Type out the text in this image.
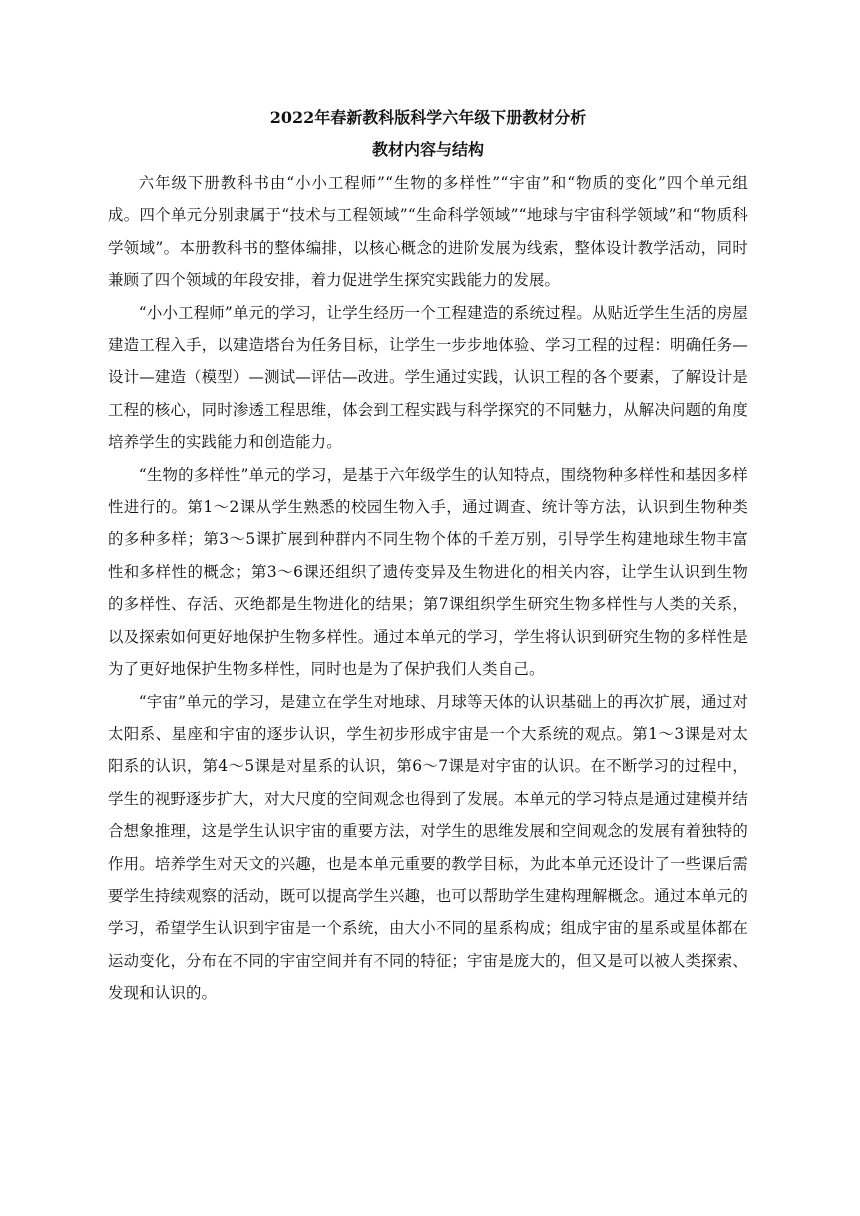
2022年春新教科版科学六年级下册教材分析
教材内容与结构

六年级下册教科书由“小小工程师”“生物的多样性”“宇宙”和“物质的变化”四个单元组成。四个单元分别隶属于“技术与工程领域”“生命科学领域”“地球与宇宙科学领域”和“物质科学领域”。本册教科书的整体编排，以核心概念的进阶发展为线索，整体设计教学活动，同时兼顾了四个领域的年段安排，着力促进学生探究实践能力的发展。

“小小工程师”单元的学习，让学生经历一个工程建造的系统过程。从贴近学生生活的房屋建造工程入手，以建造塔台为任务目标，让学生一步步地体验、学习工程的过程：明确任务—设计—建造（模型）—测试—评估—改进。学生通过实践，认识工程的各个要素，了解设计是工程的核心，同时渗透工程思维，体会到工程实践与科学探究的不同魅力，从解决问题的角度培养学生的实践能力和创造能力。

“生物的多样性”单元的学习，是基于六年级学生的认知特点，围绕物种多样性和基因多样性进行的。第1～2课从学生熟悉的校园生物入手，通过调查、统计等方法，认识到生物种类的多种多样；第3～5课扩展到种群内不同生物个体的千差万别，引导学生构建地球生物丰富性和多样性的概念；第3～6课还组织了遗传变异及生物进化的相关内容，让学生认识到生物的多样性、存活、灭绝都是生物进化的结果；第7课组织学生研究生物多样性与人类的关系，以及探索如何更好地保护生物多样性。通过本单元的学习，学生将认识到研究生物的多样性是为了更好地保护生物多样性，同时也是为了保护我们人类自己。

“宇宙”单元的学习，是建立在学生对地球、月球等天体的认识基础上的再次扩展，通过对太阳系、星座和宇宙的逐步认识，学生初步形成宇宙是一个大系统的观点。第1～3课是对太阳系的认识，第4～5课是对星系的认识，第6～7课是对宇宙的认识。在不断学习的过程中，学生的视野逐步扩大，对大尺度的空间观念也得到了发展。本单元的学习特点是通过建模并结合想象推理，这是学生认识宇宙的重要方法，对学生的思维发展和空间观念的发展有着独特的作用。培养学生对天文的兴趣，也是本单元重要的教学目标，为此本单元还设计了一些课后需要学生持续观察的活动，既可以提高学生兴趣，也可以帮助学生建构理解概念。通过本单元的学习，希望学生认识到宇宙是一个系统，由大小不同的星系构成；组成宇宙的星系或星体都在运动变化，分布在不同的宇宙空间并有不同的特征；宇宙是庞大的，但又是可以被人类探索、发现和认识的。
